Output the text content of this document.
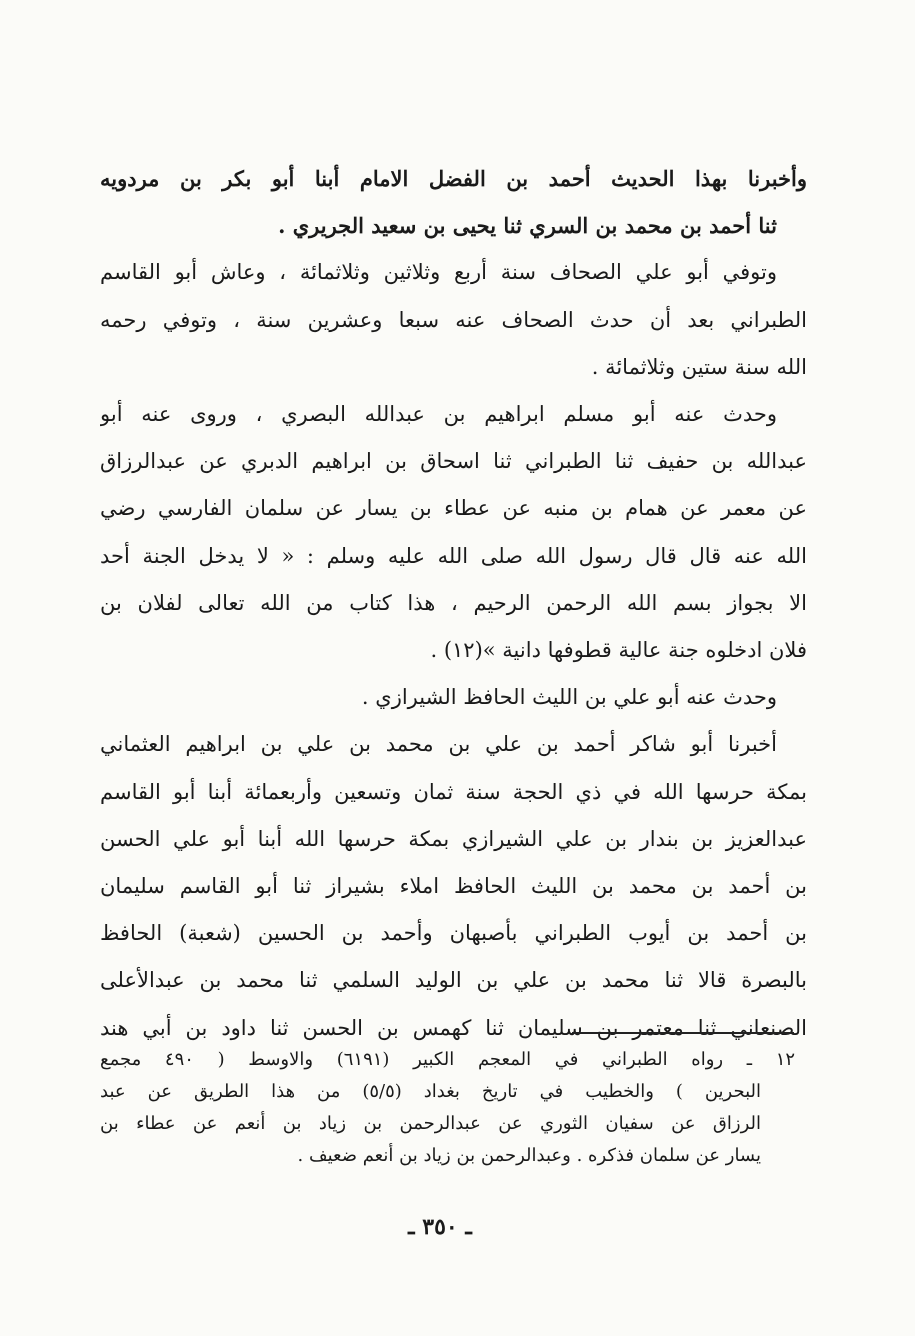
وأخبرنا بهذا الحديث أحمد بن الفضل الامام أبنا أبو بكر بن مردويه
ثنا أحمد بن محمد بن السري ثنا يحيى بن سعيد الجريري .
وتوفي أبو علي الصحاف سنة أربع وثلاثين وثلاثمائة ، وعاش أبو القاسم
الطبراني بعد أن حدث الصحاف عنه سبعا وعشرين سنة ، وتوفي رحمه
الله سنة ستين وثلاثمائة .
وحدث عنه أبو مسلم ابراهيم بن عبدالله البصري ، وروى عنه أبو
عبدالله بن حفيف ثنا الطبراني ثنا اسحاق بن ابراهيم الدبري عن عبدالرزاق
عن معمر عن همام بن منبه عن عطاء بن يسار عن سلمان الفارسي رضي
الله عنه قال قال رسول الله صلى الله عليه وسلم : « لا يدخل الجنة أحد
الا بجواز بسم الله الرحمن الرحيم ، هذا كتاب من الله تعالى لفلان بن
فلان ادخلوه جنة عالية قطوفها دانية »(١٢) .
وحدث عنه أبو علي بن الليث الحافظ الشيرازي .
أخبرنا أبو شاكر أحمد بن علي بن محمد بن علي بن ابراهيم العثماني
بمكة حرسها الله في ذي الحجة سنة ثمان وتسعين وأربعمائة أبنا أبو القاسم
عبدالعزيز بن بندار بن علي الشيرازي بمكة حرسها الله أبنا أبو علي الحسن
بن أحمد بن محمد بن الليث الحافظ املاء بشيراز ثنا أبو القاسم سليمان
بن أحمد بن أيوب الطبراني بأصبهان وأحمد بن الحسين (شعبة) الحافظ
بالبصرة قالا ثنا محمد بن علي بن الوليد السلمي ثنا محمد بن عبدالأعلى
الصنعاني ثنا معتمر بن سليمان ثنا كهمس بن الحسن ثنا داود بن أبي هند
١٢ ـ رواه الطبراني في المعجم الكبير (٦١٩١) والاوسط ( ٤٩٠ مجمع
البحرين ) والخطيب في تاريخ بغداد (٥/٥) من هذا الطريق عن عبد
الرزاق عن سفيان الثوري عن عبدالرحمن بن زياد بن أنعم عن عطاء بن
يسار عن سلمان فذكره . وعبدالرحمن بن زياد بن أنعم ضعيف .
ـ ٣٥٠ ـ
